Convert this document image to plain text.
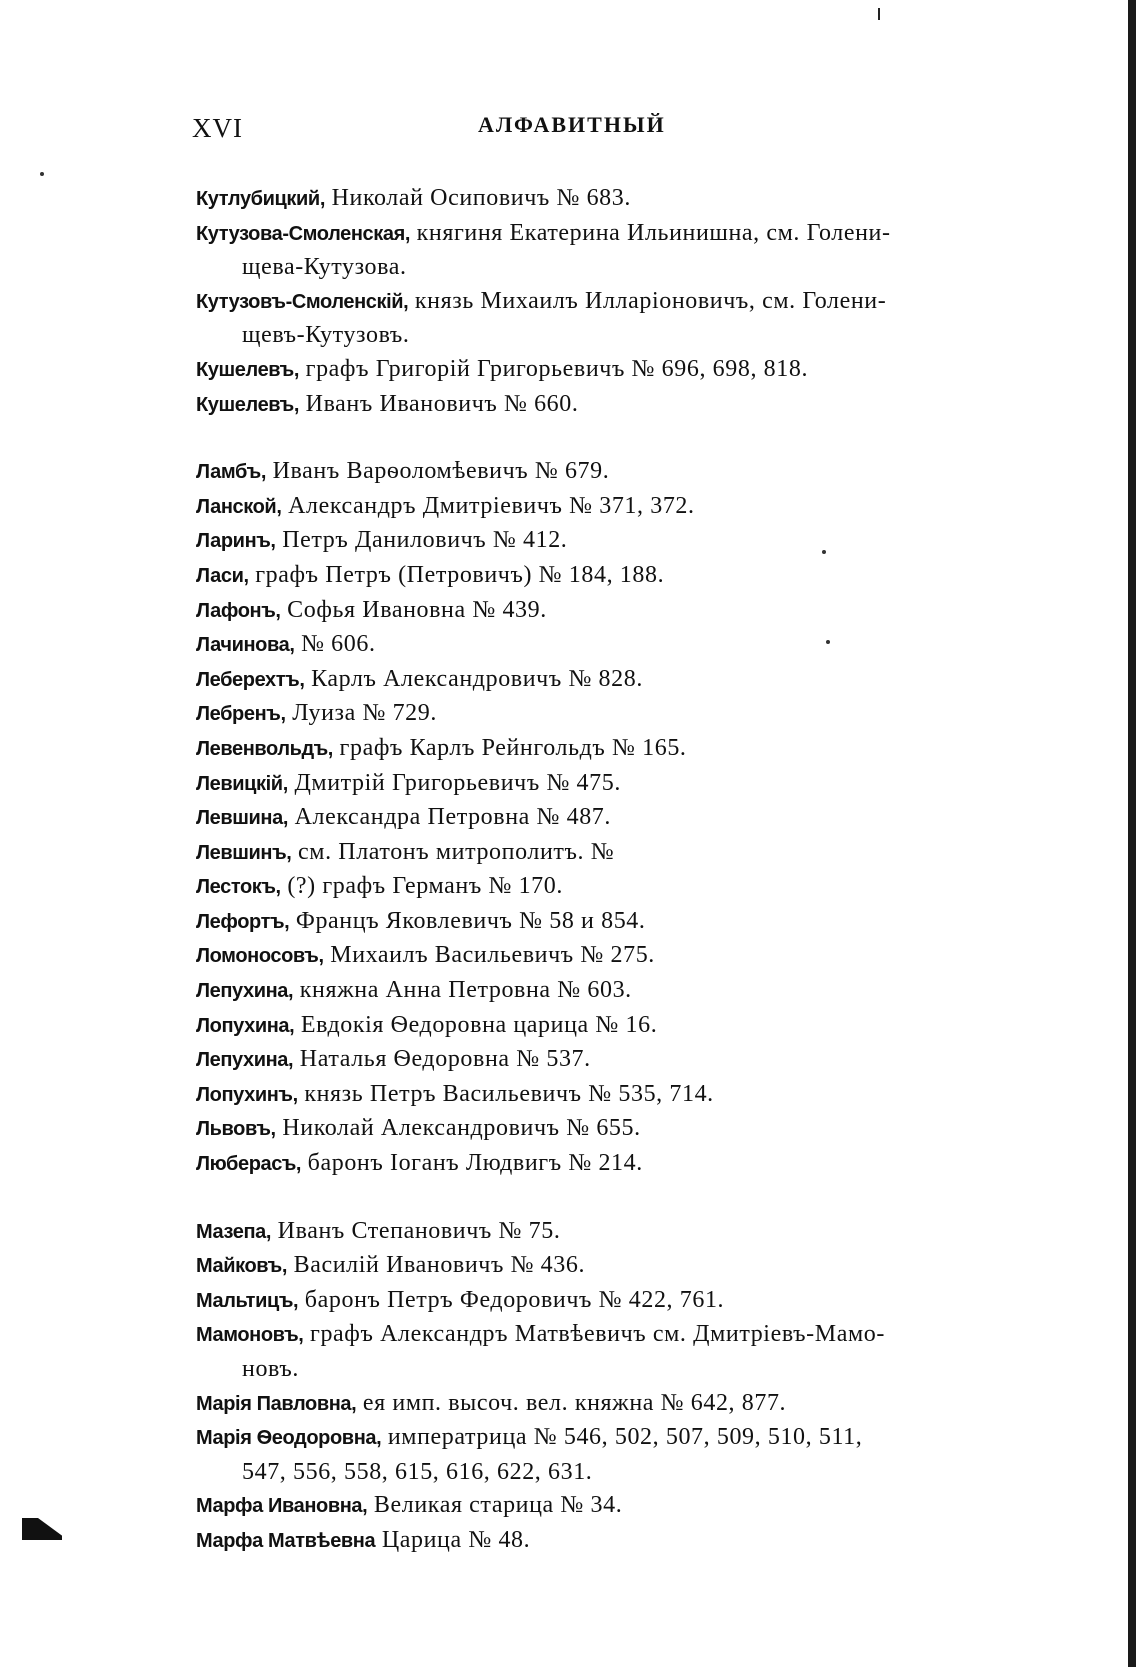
XVI	АЛФАВИТНЫЙ
Кутлубицкий, Николай Осиповичъ № 683.
Кутузова-Смоленская, княгиня Екатерина Ильинишна, см. Голени-
щева-Кутузова.
Кутузовъ-Смоленскій, князь Михаилъ Илларіоновичъ, см. Голени-
щевъ-Кутузовъ.
Кушелевъ, графъ Григорій Григорьевичъ № 696, 698, 818.
Кушелевъ, Иванъ Ивановичъ № 660.
Ламбъ, Иванъ Варѳоломѣевичъ № 679.
Ланской, Александръ Дмитріевичъ № 371, 372.
Ларинъ, Петръ Даниловичъ № 412.
Ласи, графъ Петръ (Петровичъ) № 184, 188.
Лафонъ, Софья Ивановна № 439.
Лачинова, № 606.
Леберехтъ, Карлъ Александровичъ № 828.
Лебренъ, Луиза № 729.
Левенвольдъ, графъ Карлъ Рейнгольдъ № 165.
Левицкій, Дмитрій Григорьевичъ № 475.
Левшина, Александра Петровна № 487.
Левшинъ, см. Платонъ митрополитъ. №
Лестокъ, (?) графъ Германъ № 170.
Лефортъ, Францъ Яковлевичъ № 58 и 854.
Ломоносовъ, Михаилъ Васильевичъ № 275.
Лепухина, княжна Анна Петровна № 603.
Лопухина, Евдокія Ѳедоровна царица № 16.
Лепухина, Наталья Ѳедоровна № 537.
Лопухинъ, князь Петръ Васильевичъ № 535, 714.
Львовъ, Николай Александровичъ № 655.
Люберасъ, баронъ Іоганъ Людвигъ № 214.
Мазепа, Иванъ Степановичъ № 75.
Майковъ, Василій Ивановичъ № 436.
Мальтицъ, баронъ Петръ Федоровичъ № 422, 761.
Мамоновъ, графъ Александръ Матвѣевичъ см. Дмитріевъ-Мамо-
новъ.
Марія Павловна, ея имп. высоч. вел. княжна № 642, 877.
Марія Ѳеодоровна, императрица № 546, 502, 507, 509, 510, 511,
547, 556, 558, 615, 616, 622, 631.
Марфа Ивановна, Великая старица № 34.
Марфа Матвѣевна Царица № 48.
